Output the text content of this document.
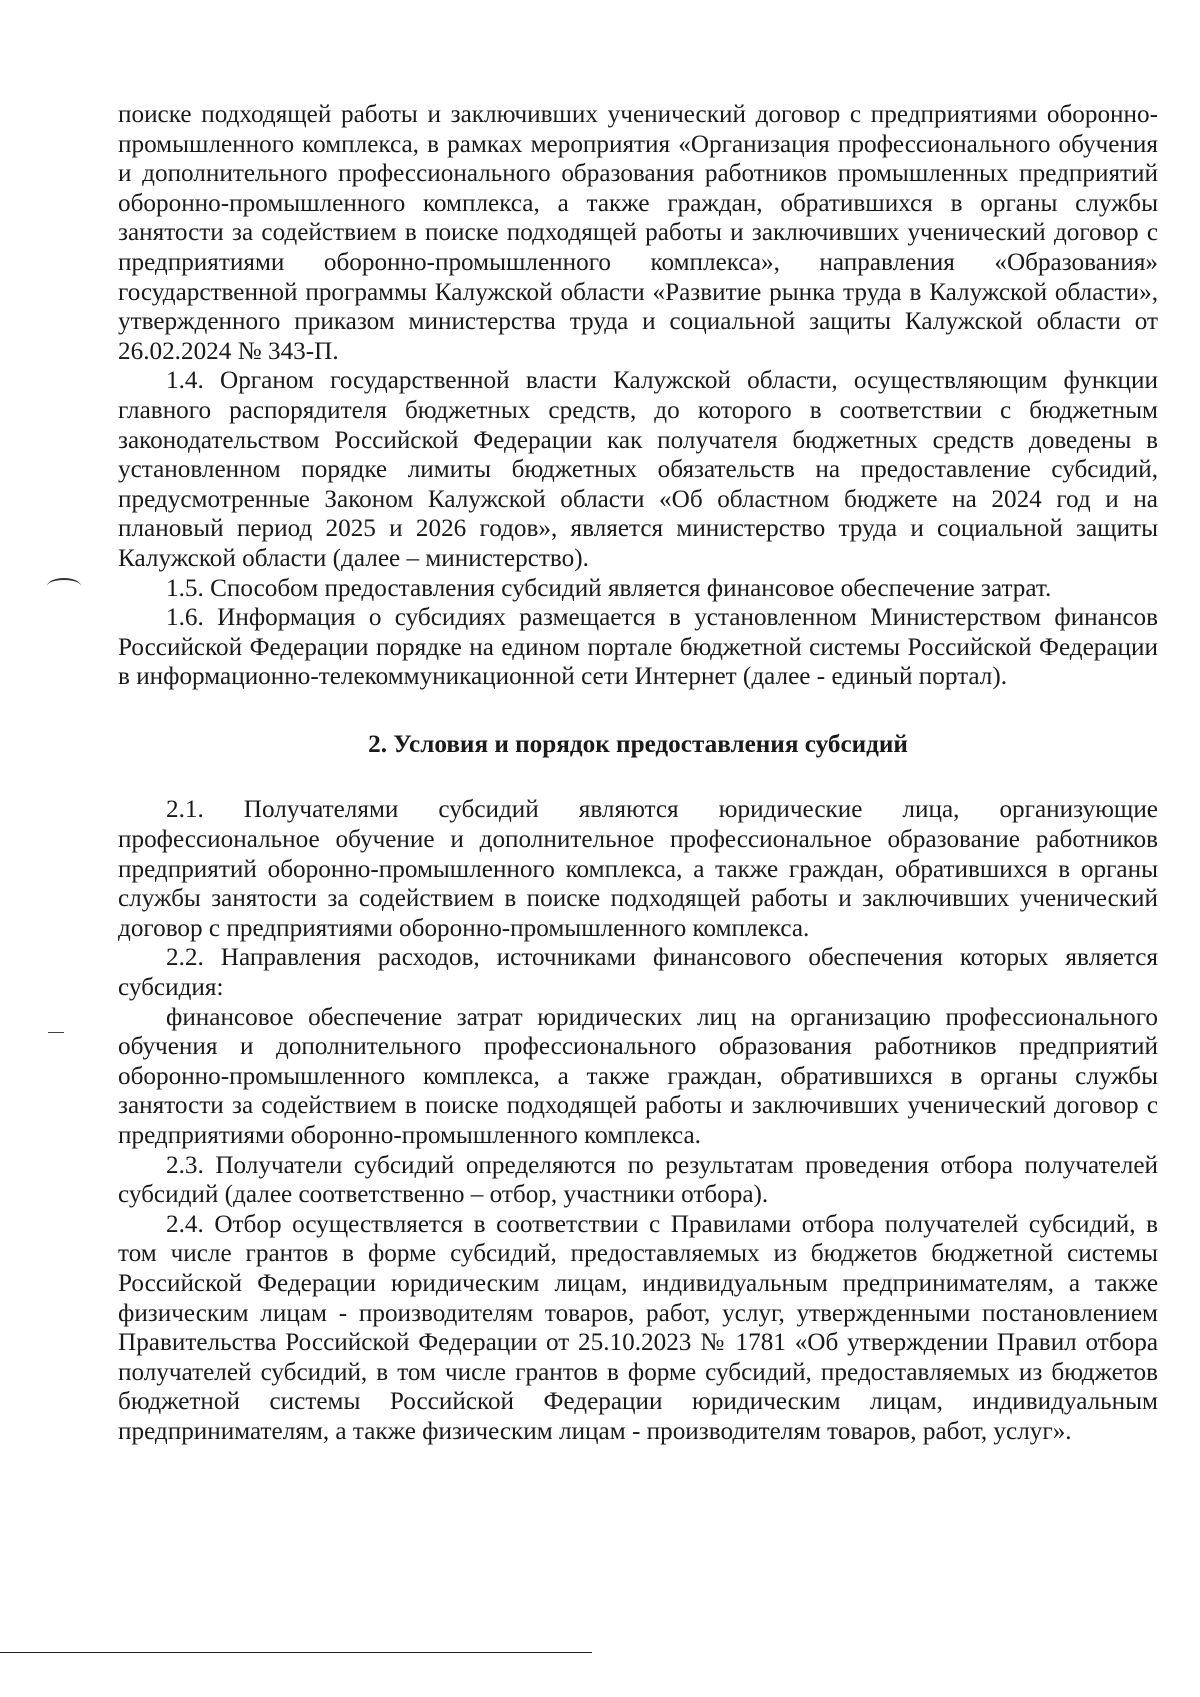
поиске подходящей работы и заключивших ученический договор с предприятиями оборонно-промышленного комплекса, в рамках мероприятия «Организация профессионального обучения и дополнительного профессионального образования работников промышленных предприятий оборонно-промышленного комплекса, а также граждан, обратившихся в органы службы занятости за содействием в поиске подходящей работы и заключивших ученический договор с предприятиями оборонно-промышленного комплекса», направления «Образования» государственной программы Калужской области «Развитие рынка труда в Калужской области», утвержденного приказом министерства труда и социальной защиты Калужской области от 26.02.2024 № 343-П.

1.4. Органом государственной власти Калужской области, осуществляющим функции главного распорядителя бюджетных средств, до которого в соответствии с бюджетным законодательством Российской Федерации как получателя бюджетных средств доведены в установленном порядке лимиты бюджетных обязательств на предоставление субсидий, предусмотренные Законом Калужской области «Об областном бюджете на 2024 год и на плановый период 2025 и 2026 годов», является министерство труда и социальной защиты Калужской области (далее – министерство).

1.5. Способом предоставления субсидий является финансовое обеспечение затрат.

1.6. Информация о субсидиях размещается в установленном Министерством финансов Российской Федерации порядке на едином портале бюджетной системы Российской Федерации в информационно-телекоммуникационной сети Интернет (далее - единый портал).

2. Условия и порядок предоставления субсидий

2.1. Получателями субсидий являются юридические лица, организующие профессиональное обучение и дополнительное профессиональное образование работников предприятий оборонно-промышленного комплекса, а также граждан, обратившихся в органы службы занятости за содействием в поиске подходящей работы и заключивших ученический договор с предприятиями оборонно-промышленного комплекса.

2.2. Направления расходов, источниками финансового обеспечения которых является субсидия:

финансовое обеспечение затрат юридических лиц на организацию профессионального обучения и дополнительного профессионального образования работников предприятий оборонно-промышленного комплекса, а также граждан, обратившихся в органы службы занятости за содействием в поиске подходящей работы и заключивших ученический договор с предприятиями оборонно-промышленного комплекса.

2.3. Получатели субсидий определяются по результатам проведения отбора получателей субсидий (далее соответственно – отбор, участники отбора).

2.4. Отбор осуществляется в соответствии с Правилами отбора получателей субсидий, в том числе грантов в форме субсидий, предоставляемых из бюджетов бюджетной системы Российской Федерации юридическим лицам, индивидуальным предпринимателям, а также физическим лицам - производителям товаров, работ, услуг, утвержденными постановлением Правительства Российской Федерации от 25.10.2023 № 1781 «Об утверждении Правил отбора получателей субсидий, в том числе грантов в форме субсидий, предоставляемых из бюджетов бюджетной системы Российской Федерации юридическим лицам, индивидуальным предпринимателям, а также физическим лицам - производителям товаров, работ, услуг».
